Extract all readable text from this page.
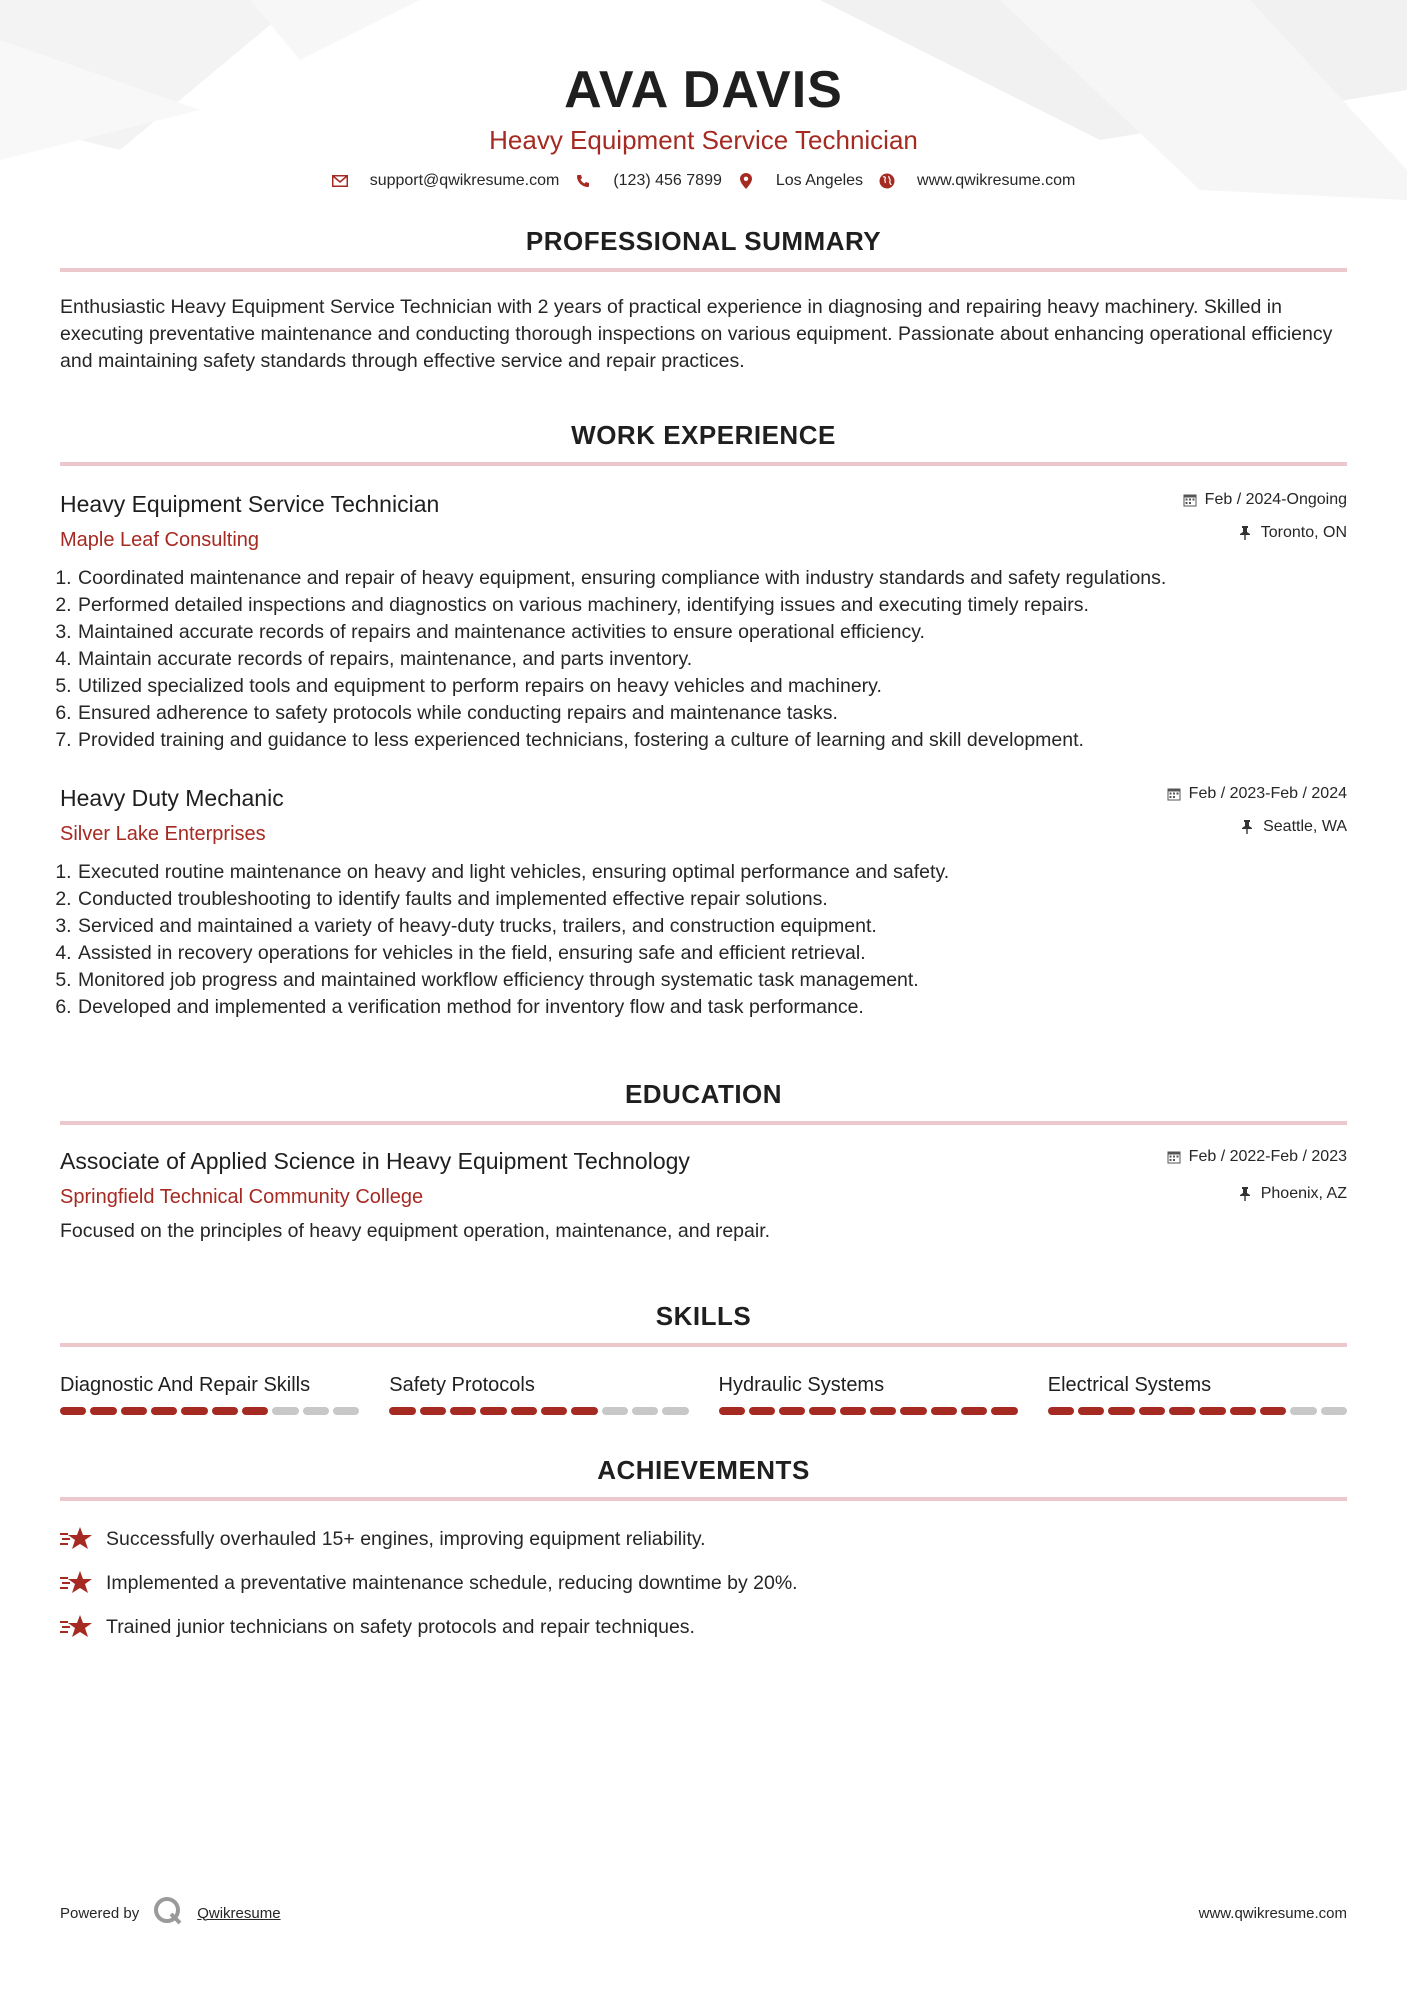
AVA DAVIS
Heavy Equipment Service Technician
support@qwikresume.com	(123) 456 7899	Los Angeles	www.qwikresume.com
PROFESSIONAL SUMMARY
Enthusiastic Heavy Equipment Service Technician with 2 years of practical experience in diagnosing and repairing heavy machinery. Skilled in executing preventative maintenance and conducting thorough inspections on various equipment. Passionate about enhancing operational efficiency and maintaining safety standards through effective service and repair practices.
WORK EXPERIENCE
Heavy Equipment Service Technician
Maple Leaf Consulting
Feb / 2024-Ongoing
Toronto, ON
1. Coordinated maintenance and repair of heavy equipment, ensuring compliance with industry standards and safety regulations.
2. Performed detailed inspections and diagnostics on various machinery, identifying issues and executing timely repairs.
3. Maintained accurate records of repairs and maintenance activities to ensure operational efficiency.
4. Maintain accurate records of repairs, maintenance, and parts inventory.
5. Utilized specialized tools and equipment to perform repairs on heavy vehicles and machinery.
6. Ensured adherence to safety protocols while conducting repairs and maintenance tasks.
7. Provided training and guidance to less experienced technicians, fostering a culture of learning and skill development.
Heavy Duty Mechanic
Silver Lake Enterprises
Feb / 2023-Feb / 2024
Seattle, WA
1. Executed routine maintenance on heavy and light vehicles, ensuring optimal performance and safety.
2. Conducted troubleshooting to identify faults and implemented effective repair solutions.
3. Serviced and maintained a variety of heavy-duty trucks, trailers, and construction equipment.
4. Assisted in recovery operations for vehicles in the field, ensuring safe and efficient retrieval.
5. Monitored job progress and maintained workflow efficiency through systematic task management.
6. Developed and implemented a verification method for inventory flow and task performance.
EDUCATION
Associate of Applied Science in Heavy Equipment Technology
Springfield Technical Community College
Feb / 2022-Feb / 2023
Phoenix, AZ
Focused on the principles of heavy equipment operation, maintenance, and repair.
SKILLS
Diagnostic And Repair Skills	Safety Protocols	Hydraulic Systems	Electrical Systems
ACHIEVEMENTS
Successfully overhauled 15+ engines, improving equipment reliability.
Implemented a preventative maintenance schedule, reducing downtime by 20%.
Trained junior technicians on safety protocols and repair techniques.
Powered by	Qwikresume	www.qwikresume.com
